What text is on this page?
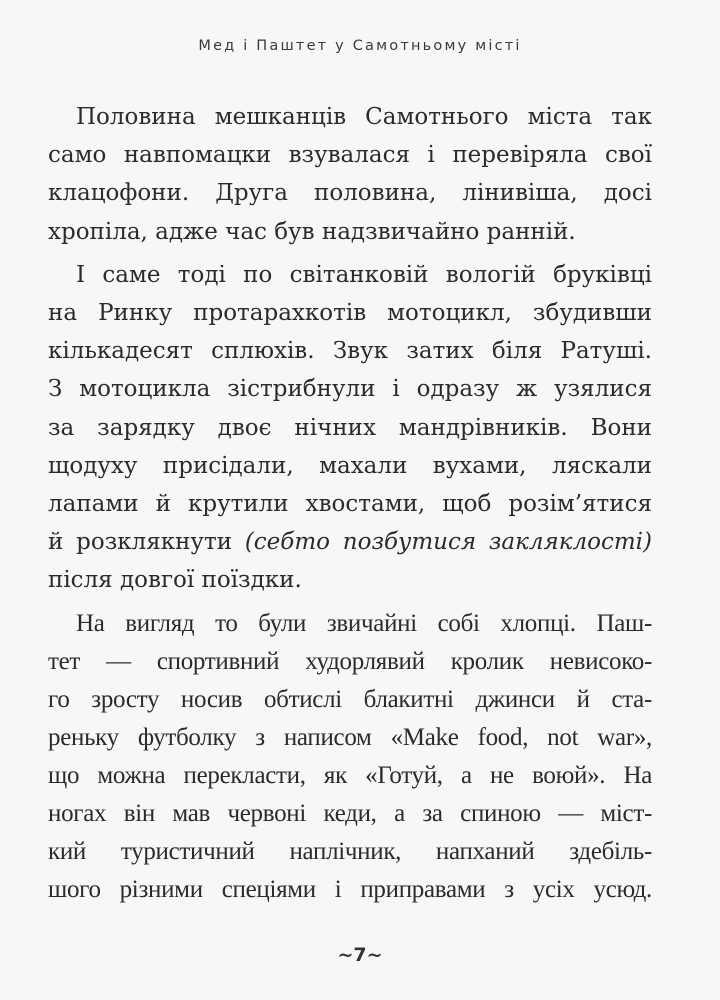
Мед і Паштет у Самотньому місті

Половина мешканців Самотнього міста так
само навпомацки взувалася і перевіряла свої
клацофони. Друга половина, лінивіша, досі
хропіла, адже час був надзвичайно ранній.

І саме тоді по світанковій вологій бруківці
на Ринку протарахкотів мотоцикл, збудивши
кількадесят сплюхів. Звук затих біля Ратуші.
З мотоцикла зістрибнули і одразу ж узялися
за зарядку двоє нічних мандрівників. Вони
щодуху присідали, махали вухами, ляскали
лапами й крутили хвостами, щоб розім’ятися
й розклякнути (себто позбутися закляклості)
після довгої поїздки.

На вигляд то були звичайні собі хлопці. Паш-
тет — спортивний худорлявий кролик невисоко-
го зросту носив обтислі блакитні джинси й ста-
реньку футболку з написом «Make food, not war»,
що можна перекласти, як «Готуй, а не воюй». На
ногах він мав червоні кеди, а за спиною — міст-
кий туристичний наплічник, напханий здебіль-
шого різними спеціями і приправами з усіх усюд.

~7~
